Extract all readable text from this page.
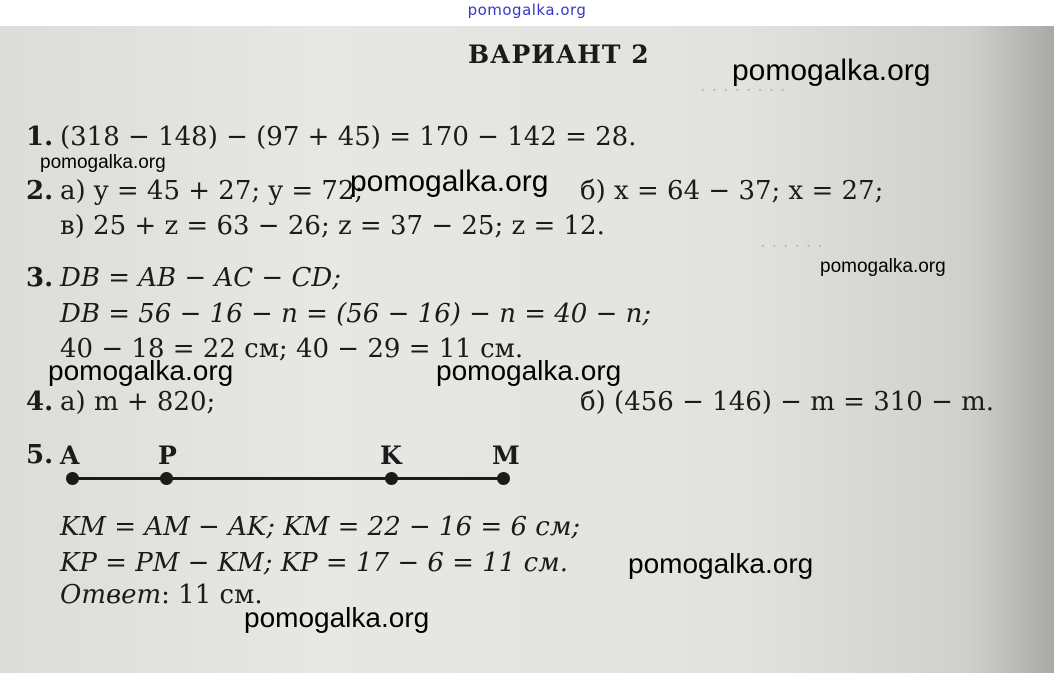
pomogalka.org
· · · · · · · ·
· · · · · ·
ВАРИАНТ 2
1. (318 − 148) − (97 + 45) = 170 − 142 = 28.
2. а) y = 45 + 27; y = 72;	б) x = 64 − 37; x = 27;
в) 25 + z = 63 − 26; z = 37 − 25; z = 12.
3. DB = AB − AC − CD;
DB = 56 − 16 − n = (56 − 16) − n = 40 − n;
40 − 18 = 22 см; 40 − 29 = 11 см.
4. а) m + 820;	б) (456 − 146) − m = 310 − m.
5. A	P	K	M
KM = AM − AK; KM = 22 − 16 = 6 см;
KP = PM − KM; KP = 17 − 6 = 11 см.
Ответ: 11 см.
pomogalka.org
pomogalka.org
pomogalka.org
pomogalka.org
pomogalka.org	pomogalka.org
pomogalka.org
pomogalka.org
